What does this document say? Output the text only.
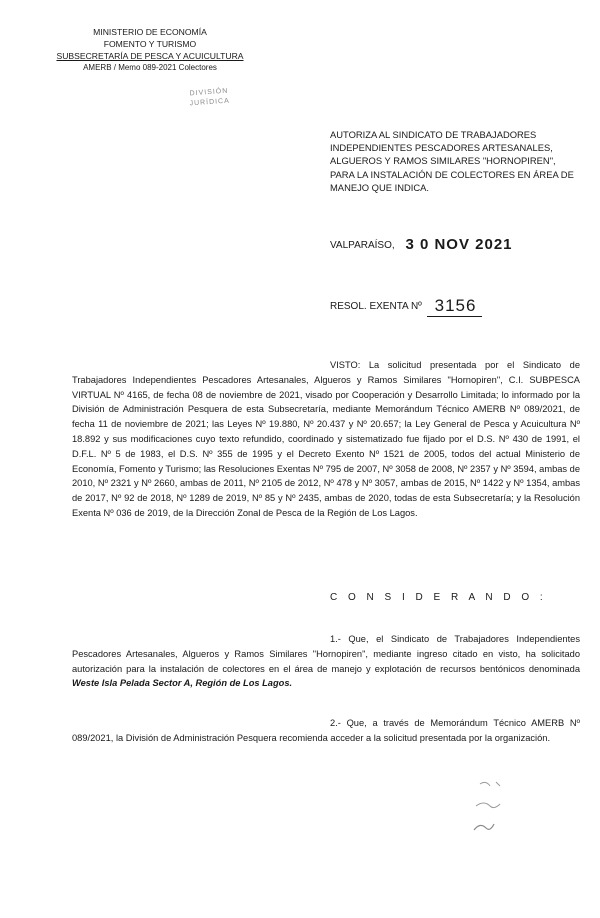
MINISTERIO DE ECONOMÍA
FOMENTO Y TURISMO
SUBSECRETARÍA DE PESCA Y ACUICULTURA
AMERB / Memo 089-2021 Colectores
DIVISIÓN
JURÍDICA
AUTORIZA AL SINDICATO DE TRABAJADORES INDEPENDIENTES PESCADORES ARTESANALES, ALGUEROS Y RAMOS SIMILARES "HORNOPIREN", PARA LA INSTALACIÓN DE COLECTORES EN ÁREA DE MANEJO QUE INDICA.
VALPARAÍSO, 3 0 NOV 2021
RESOL. EXENTA Nº 3156
VISTO: La solicitud presentada por el Sindicato de Trabajadores Independientes Pescadores Artesanales, Algueros y Ramos Similares "Hornopiren", C.I. SUBPESCA VIRTUAL Nº 4165, de fecha 08 de noviembre de 2021, visado por Cooperación y Desarrollo Limitada; lo informado por la División de Administración Pesquera de esta Subsecretaría, mediante Memorándum Técnico AMERB Nº 089/2021, de fecha 11 de noviembre de 2021; las Leyes Nº 19.880, Nº 20.437 y Nº 20.657; la Ley General de Pesca y Acuicultura Nº 18.892 y sus modificaciones cuyo texto refundido, coordinado y sistematizado fue fijado por el D.S. Nº 430 de 1991, el D.F.L. Nº 5 de 1983, el D.S. Nº 355 de 1995 y el Decreto Exento Nº 1521 de 2005, todos del actual Ministerio de Economía, Fomento y Turismo; las Resoluciones Exentas Nº 795 de 2007, Nº 3058 de 2008, Nº 2357 y Nº 3594, ambas de 2010, Nº 2321 y Nº 2660, ambas de 2011, Nº 2105 de 2012, Nº 478 y Nº 3057, ambas de 2015, Nº 1422 y Nº 1354, ambas de 2017, Nº 92 de 2018, Nº 1289 de 2019, Nº 85 y Nº 2435, ambas de 2020, todas de esta Subsecretaría; y la Resolución Exenta Nº 036 de 2019, de la Dirección Zonal de Pesca de la Región de Los Lagos.
C O N S I D E R A N D O :
1.- Que, el Sindicato de Trabajadores Independientes Pescadores Artesanales, Algueros y Ramos Similares "Hornopiren", mediante ingreso citado en visto, ha solicitado autorización para la instalación de colectores en el área de manejo y explotación de recursos bentónicos denominada Weste Isla Pelada Sector A, Región de Los Lagos.
2.- Que, a través de Memorándum Técnico AMERB Nº 089/2021, la División de Administración Pesquera recomienda acceder a la solicitud presentada por la organización.
